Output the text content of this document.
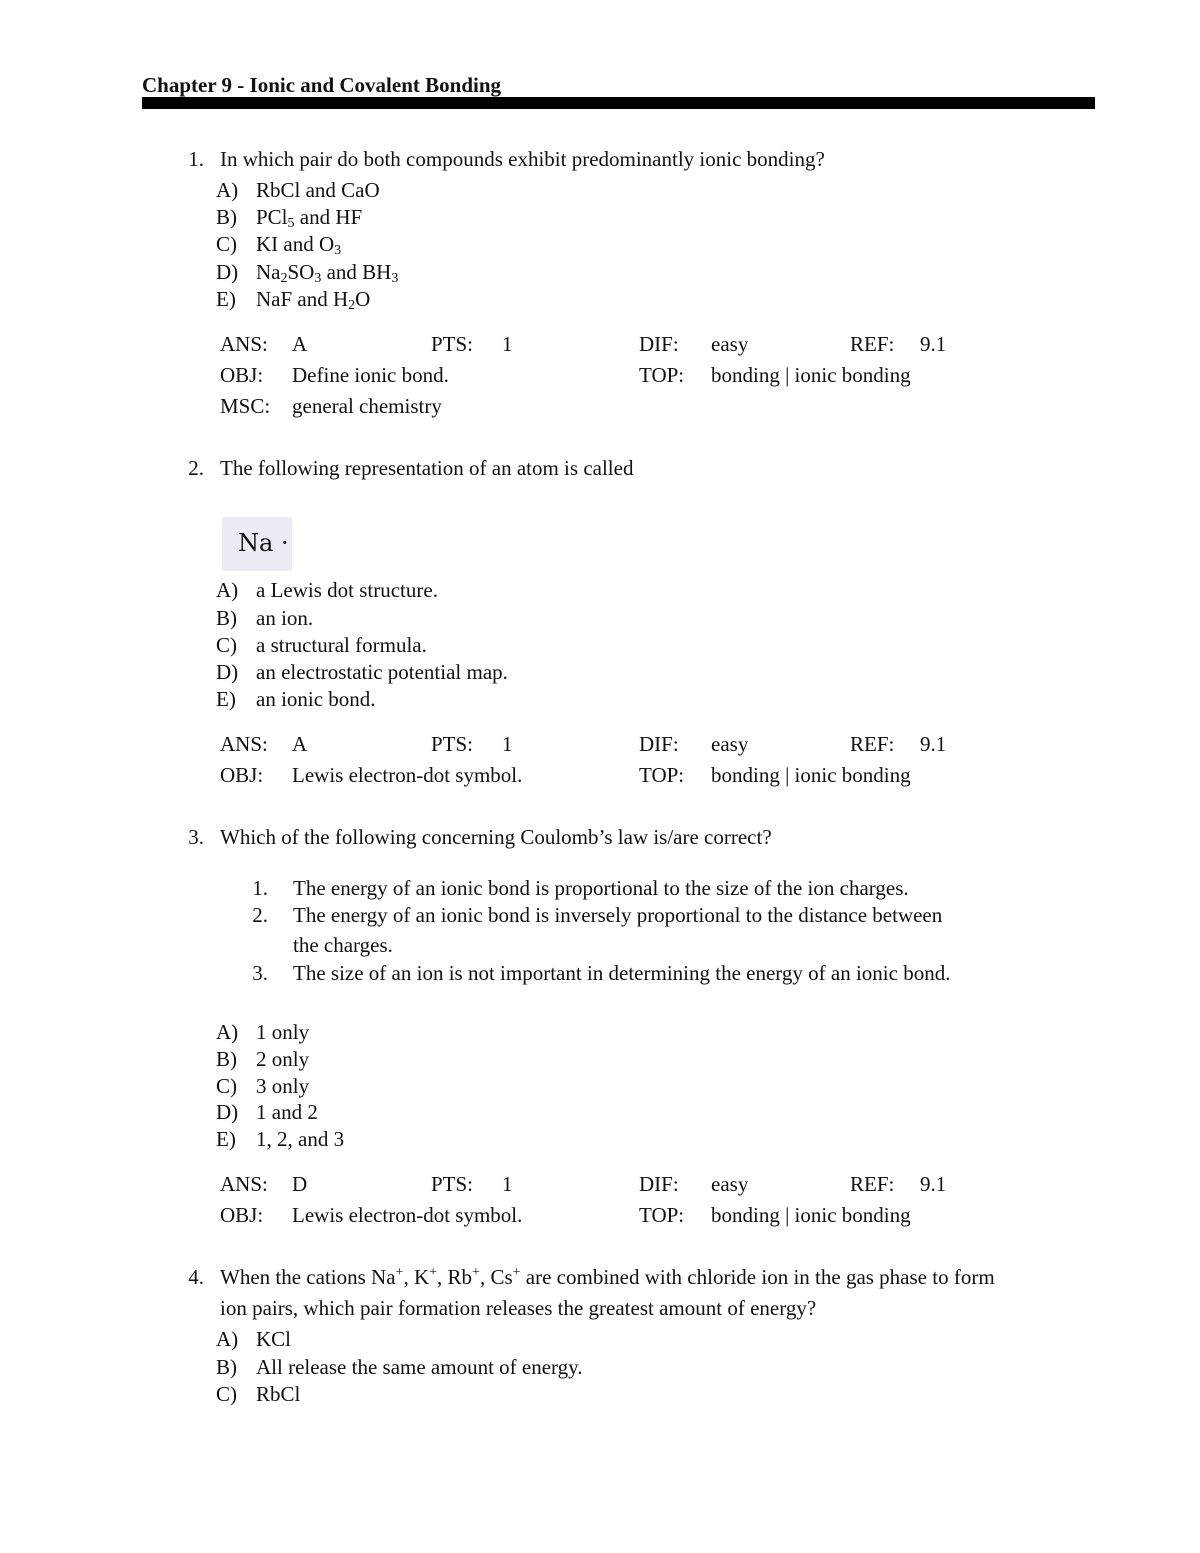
Chapter 9 - Ionic and Covalent Bonding
1. In which pair do both compounds exhibit predominantly ionic bonding?
A) RbCl and CaO
B) PCl$_5$ and HF
C) KI and $O_3$
D) $Na_2SO_3$ and $BH_3$
E) NaF and $H_2O$
ANS: A	PTS: 1	DIF: easy	REF: 9.1
OBJ: Define ionic bond.	TOP: bonding | ionic bonding
MSC: general chemistry
2. The following representation of an atom is called
Na ·
A) a Lewis dot structure.
B) an ion.
C) a structural formula.
D) an electrostatic potential map.
E) an ionic bond.
ANS: A	PTS: 1	DIF: easy	REF: 9.1
OBJ: Lewis electron-dot symbol.	TOP: bonding | ionic bonding
3. Which of the following concerning Coulomb’s law is/are correct?
1. The energy of an ionic bond is proportional to the size of the ion charges.
2. The energy of an ionic bond is inversely proportional to the distance between
the charges.
3. The size of an ion is not important in determining the energy of an ionic bond.
A) 1 only
B) 2 only
C) 3 only
D) 1 and 2
E) 1, 2, and 3
ANS: D	PTS: 1	DIF: easy	REF: 9.1
OBJ: Lewis electron-dot symbol.	TOP: bonding | ionic bonding
4. When the cations Na+, K+, Rb+, Cs+ are combined with chloride ion in the gas phase to form
ion pairs, which pair formation releases the greatest amount of energy?
A) KCl
B) All release the same amount of energy.
C) RbCl
